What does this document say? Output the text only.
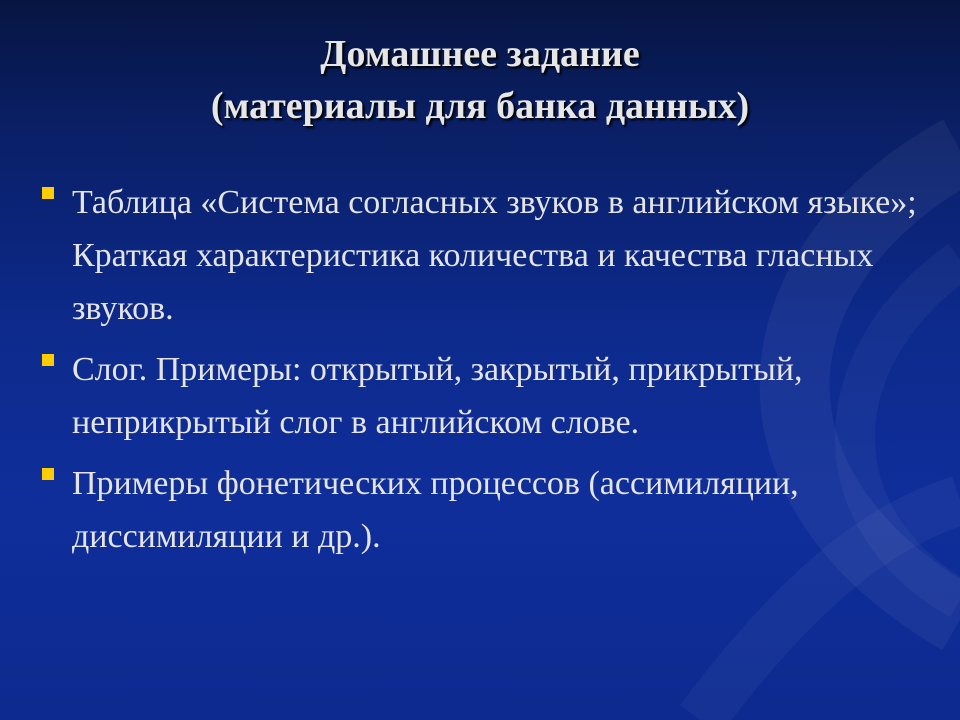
Домашнее задание
(материалы для банка данных)
Таблица «Система согласных звуков в английском языке»; Краткая характеристика количества и качества гласных звуков.
Слог. Примеры: открытый, закрытый, прикрытый, неприкрытый слог в английском слове.
Примеры фонетических процессов (ассимиляции, диссимиляции и др.).
